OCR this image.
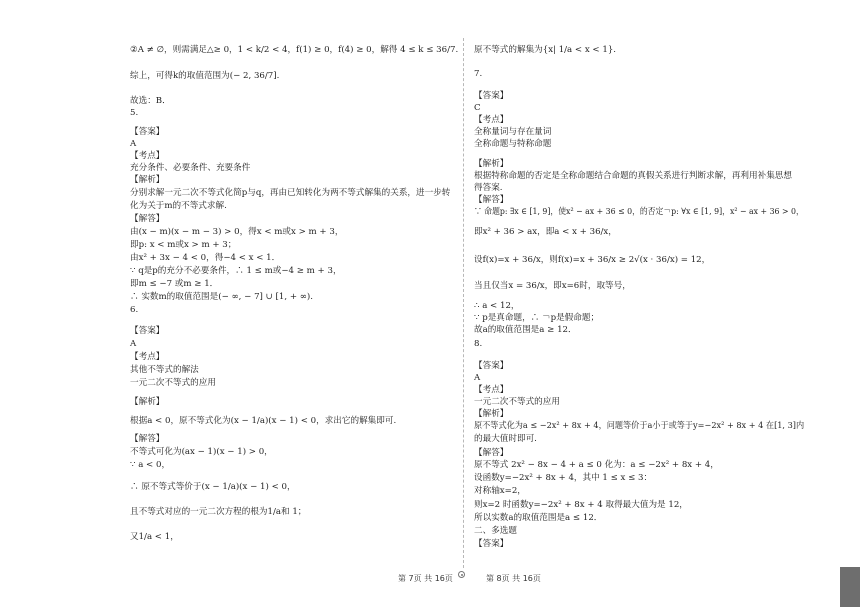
②A ≠ ∅，则需满足△≥ 0，1 < k/2 < 4，f(1) ≥ 0，f(4) ≥ 0，解得 4 ≤ k ≤ 36/7.
综上，可得k的取值范围为(− 2, 36/7].
故选：B．
5.
【答案】
A
【考点】
充分条件、必要条件、充要条件
【解析】
分别求解一元二次不等式化简p与q，再由已知转化为两不等式解集的关系，进一步转
化为关于m的不等式求解.
【解答】
由(x − m)(x − m − 3) > 0，得x < m或x > m + 3，
即p: x < m或x > m + 3；
由x² + 3x − 4 < 0，得−4 < x < 1．
∵ q是p的充分不必要条件，∴ 1 ≤ m或−4 ≥ m + 3，
即m ≤ −7 或m ≥ 1．
∴ 实数m的取值范围是(− ∞, − 7] ∪ [1, + ∞).
6.
【答案】
A
【考点】
其他不等式的解法
一元二次不等式的应用
【解析】
根据a < 0，原不等式化为(x − 1/a)(x − 1) < 0，求出它的解集即可.
【解答】
不等式可化为(ax − 1)(x − 1) > 0，
∵ a < 0，
∴ 原不等式等价于(x − 1/a)(x − 1) < 0，
且不等式对应的一元二次方程的根为1/a和 1；
又1/a < 1，
原不等式的解集为{x| 1/a < x < 1}.
7.
【答案】
C
【考点】
全称量词与存在量词
全称命题与特称命题
【解析】
根据特称命题的否定是全称命题结合命题的真假关系进行判断求解，再利用补集思想
得答案.
【解答】
∵ 命题p: ∃x ∈ [1, 9]，使x² − ax + 36 ≤ 0，的否定￢p: ∀x ∈ [1, 9]，x² − ax + 36 > 0，
即x² + 36 > ax，即a < x + 36/x，
设f(x)=x + 36/x，则f(x)=x + 36/x ≥ 2√(x · 36/x) = 12，
当且仅当x = 36/x，即x=6时，取等号，
∴ a < 12，
∵ p是真命题，∴ ￢p是假命题；
故a的取值范围是a ≥ 12．
8.
【答案】
A
【考点】
一元二次不等式的应用
【解析】
原不等式化为a ≤ −2x² + 8x + 4，问题等价于a小于或等于y=−2x² + 8x + 4 在[1, 3]内
的最大值时即可.
【解答】
原不等式 2x² − 8x − 4 + a ≤ 0 化为：a ≤ −2x² + 8x + 4，
设函数y=−2x² + 8x + 4，其中 1 ≤ x ≤ 3：
对称轴x=2，
则x=2 时函数y=−2x² + 8x + 4 取得最大值为是 12，
所以实数a的取值范围是a ≤ 12．
二、多选题
【答案】
第 7页 共 16页	第 8页 共 16页
